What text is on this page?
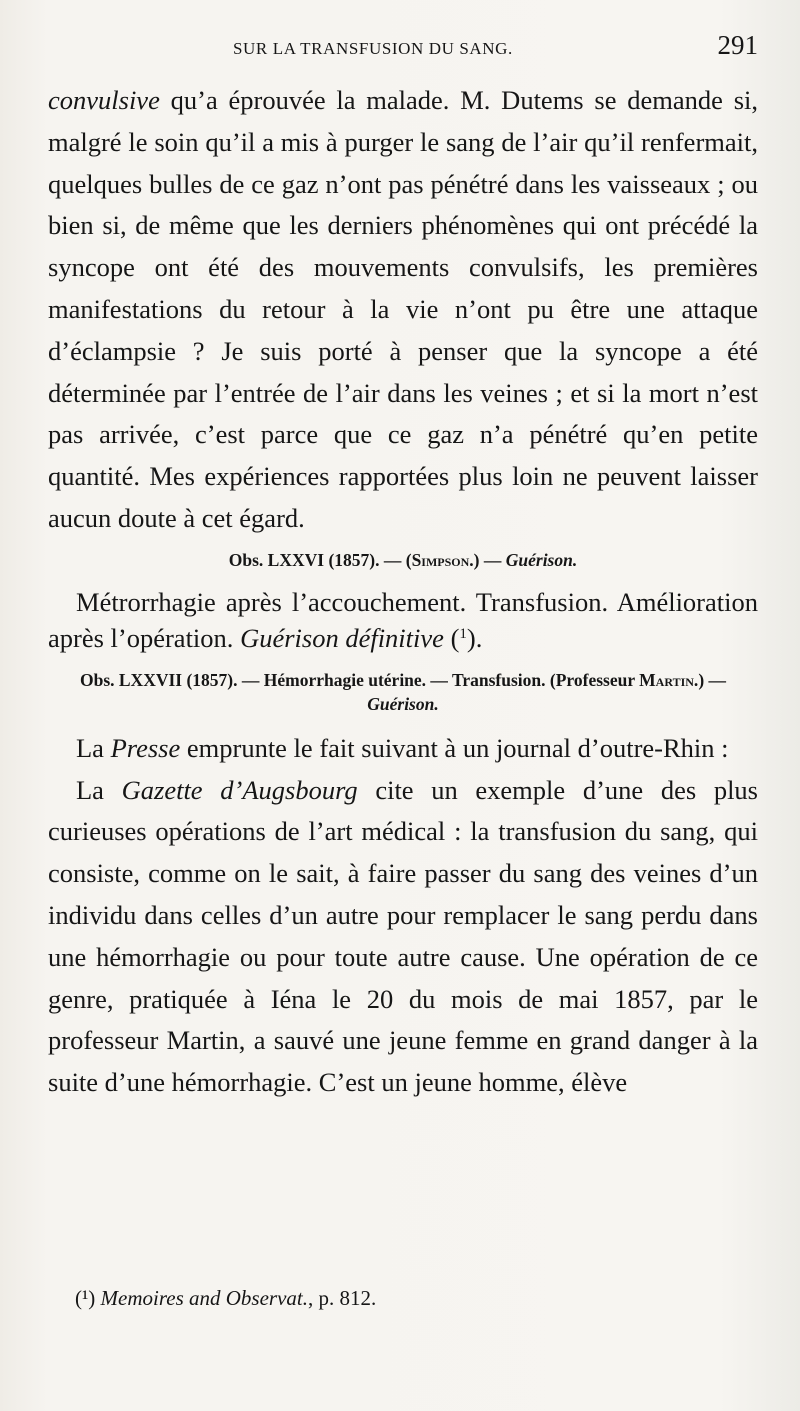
SUR LA TRANSFUSION DU SANG.	291

convulsive qu’a éprouvée la malade. M. Dutems se demande si, malgré le soin qu’il a mis à purger le sang de l’air qu’il renfermait, quelques bulles de ce gaz n’ont pas pénétré dans les vaisseaux ; ou bien si, de même que les derniers phénomènes qui ont précédé la syncope ont été des mouvements convulsifs, les premières manifestations du retour à la vie n’ont pu être une attaque d’éclampsie ? Je suis porté à penser que la syncope a été déterminée par l’entrée de l’air dans les veines ; et si la mort n’est pas arrivée, c’est parce que ce gaz n’a pénétré qu’en petite quantité. Mes expériences rapportées plus loin ne peuvent laisser aucun doute à cet égard.

Obs. LXXVI (1857). — (Simpson.) — Guérison.

Métrorrhagie après l’accouchement. Transfusion. Amélioration après l’opération. Guérison définitive ($^1$).

Obs. LXXVII (1857). — Hémorrhagie utérine. — Transfusion. (Professeur Martin.) — Guérison.

La Presse emprunte le fait suivant à un journal d’outre-Rhin :

La Gazette d’Augsbourg cite un exemple d’une des plus curieuses opérations de l’art médical : la transfusion du sang, qui consiste, comme on le sait, à faire passer du sang des veines d’un individu dans celles d’un autre pour remplacer le sang perdu dans une hémorrhagie ou pour toute autre cause. Une opération de ce genre, pratiquée à Iéna le 20 du mois de mai 1857, par le professeur Martin, a sauvé une jeune femme en grand danger à la suite d’une hémorrhagie. C’est un jeune homme, élève

(¹) Memoires and Observat., p. 812.
